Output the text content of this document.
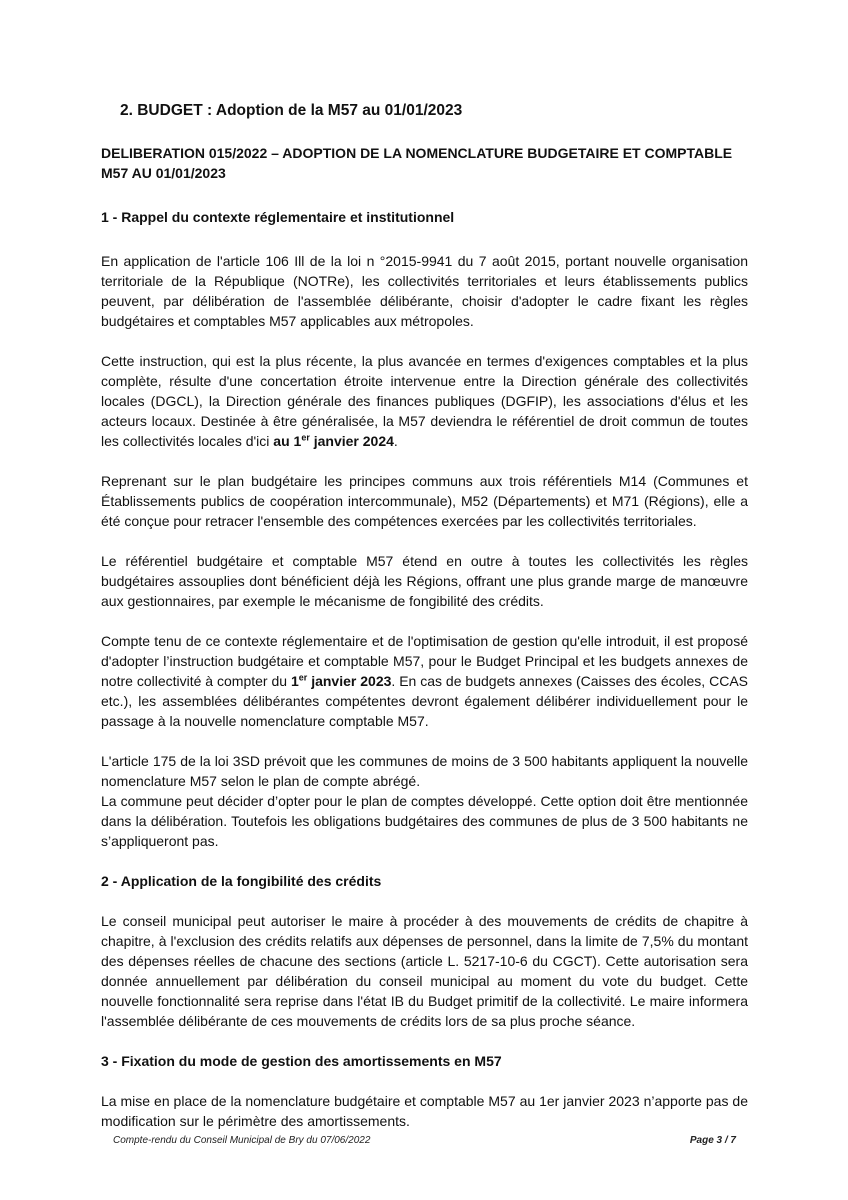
2. BUDGET : Adoption de la M57 au 01/01/2023
DELIBERATION 015/2022 – ADOPTION DE LA NOMENCLATURE BUDGETAIRE ET COMPTABLE M57 AU 01/01/2023
1 - Rappel du contexte réglementaire et institutionnel

En application de l'article 106 Ill de la loi n °2015-9941 du 7 août 2015, portant nouvelle organisation territoriale de la République (NOTRe), les collectivités territoriales et leurs établissements publics peuvent, par délibération de l'assemblée délibérante, choisir d'adopter le cadre fixant les règles budgétaires et comptables M57 applicables aux métropoles.

Cette instruction, qui est la plus récente, la plus avancée en termes d'exigences comptables et la plus complète, résulte d'une concertation étroite intervenue entre la Direction générale des collectivités locales (DGCL), la Direction générale des finances publiques (DGFIP), les associations d'élus et les acteurs locaux. Destinée à être généralisée, la M57 deviendra le référentiel de droit commun de toutes les collectivités locales d'ici au 1er janvier 2024.

Reprenant sur le plan budgétaire les principes communs aux trois référentiels M14 (Communes et Établissements publics de coopération intercommunale), M52 (Départements) et M71 (Régions), elle a été conçue pour retracer l'ensemble des compétences exercées par les collectivités territoriales.

Le référentiel budgétaire et comptable M57 étend en outre à toutes les collectivités les règles budgétaires assouplies dont bénéficient déjà les Régions, offrant une plus grande marge de manœuvre aux gestionnaires, par exemple le mécanisme de fongibilité des crédits.

Compte tenu de ce contexte réglementaire et de l'optimisation de gestion qu'elle introduit, il est proposé d'adopter l’instruction budgétaire et comptable M57, pour le Budget Principal et les budgets annexes de notre collectivité à compter du 1er janvier 2023. En cas de budgets annexes (Caisses des écoles, CCAS etc.), les assemblées délibérantes compétentes devront également délibérer individuellement pour le passage à la nouvelle nomenclature comptable M57.

L'article 175 de la loi 3SD prévoit que les communes de moins de 3 500 habitants appliquent la nouvelle nomenclature M57 selon le plan de compte abrégé.

La commune peut décider d’opter pour le plan de comptes développé. Cette option doit être mentionnée dans la délibération. Toutefois les obligations budgétaires des communes de plus de 3 500 habitants ne s’appliqueront pas.

2 - Application de la fongibilité des crédits

Le conseil municipal peut autoriser le maire à procéder à des mouvements de crédits de chapitre à chapitre, à l'exclusion des crédits relatifs aux dépenses de personnel, dans la limite de 7,5% du montant des dépenses réelles de chacune des sections (article L. 5217-10-6 du CGCT). Cette autorisation sera donnée annuellement par délibération du conseil municipal au moment du vote du budget. Cette nouvelle fonctionnalité sera reprise dans l'état IB du Budget primitif de la collectivité. Le maire informera l'assemblée délibérante de ces mouvements de crédits lors de sa plus proche séance.

3 - Fixation du mode de gestion des amortissements en M57

La mise en place de la nomenclature budgétaire et comptable M57 au 1er janvier 2023 n’apporte pas de modification sur le périmètre des amortissements.

Compte-rendu du Conseil Municipal de Bry du 07/06/2022	Page 3 / 7
